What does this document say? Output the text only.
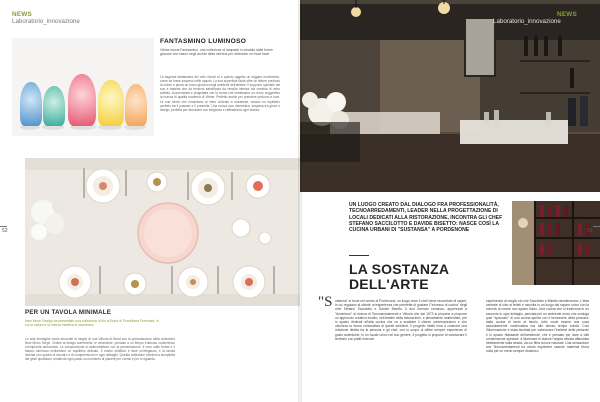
NEWS
Laboratorio_innovazione
FANTASMINO LUMINOSO
Vitrine lancia Fantasmino, una collezione di lampade in cristallo dalle forme giocose che nasce negli archivi della vetreria per diventare un must have
La sagoma fantasmina dei vetri ricordi ai e questo oggetto un leggero movimento, come se fosse sospeso nello spazio. La sua superficie liscia offre un lettore prezioso di colore e punta un tocco giocoso negli ambienti dell'abitare. Il supporto speciale nel suo è materia che dà tensioni satinificata da vendita intensa ma rivestita di vetro soffiato. Accomodata e progettata con la forma che imbalsama un modo suggestivo la ricerca di qualità moderna di Vitrine. Perfetto anche per prendere profumo e luce. Le sue forme che rimandano al vetro colorato a muranese, creano un equilibrio perfetto tra il passato e il presente. Una nuova luce domestica, sospesa tra gioco e design, perfetta per illuminare con eleganza e raffinatezza ogni stanza.
52
PER UN TAVOLA MINIMALE
New Moon Design ha presentato una collezione di Ilio al Bond di Porcellana Ferreriani, in cui la natura e la ricerca estetica si incontrano
Le sole immagine come sbocciati al meglio di una Vittoria di Bond con la presentazione della collezione New Moon Serge. Ordine al design sorrenterio: le ceramiche, pensate a un tempo fruttuoso contenendo un'impronta armoniosa. La composizione si ammorbidisce con la presentazione. Il nero sulle forme e il bianco luminoso richiamano un equilibrio delicato. Il nostro obiettivo è dare un'eleganza, e la tavola diventa uno spazio di incontro e di comprensione in ogni dettaglio. Questa collezione celebra la semplicità dei gesti quotidiani, rendendo ogni pasto un momento di piacere per i sensi e per lo sguardo.
NEWS
Laboratorio_innovazione
UN LUOGO CREATO DAL DIALOGO FRA PROFESSIONALITÀ, TECNOARREDAMENTI, LEADER NELLA PROGETTAZIONE DI LOCALI DEDICATI ALLA RISTORAZIONE, INCONTRA GLI CHEF STEFANO SACCILOTTO E DAVIDE BISETTO: NASCE COSÌ LA CUCINA URBANI DI "SUSTANSA" A PORDENONE
LA SOSTANZA DELL'ARTE
"S ostansa" si trova nel centro di Pordenone, un luogo dove il chef viene raccontato di sapori, in cui regolano al cliente un'esperienza che permette di gustare l'"eccesso di cucina" degli chef Stefano Saccilotto e Davide Bisetto. Il duo formato romanzo, apprezzati a "Avventure" di ricerca di Tecnoarredamenti e Vittoria che dal 1973 si propone a proporre un approccio creativo inedito, nell'ambito della ristorazione, e pienamente ambientato, per lo spazio dedicati all'alta cucina che va a scaldare il cliente contemporaneo e che valorizza la forma minimalista di questi ambienti. Il progetto infatti mira a costruire una relazione diretta tra le persone e gli chef, con lo scopo di offrire sempre esperienze di gusto autentiche. In un locale unico nel suo genere, il progetto si propone di valorizzare il territorio con piatti ricercati.
esprimendo al meglio ciò che Saccilotto e Bisetto desideravano. L'idea centrale di cibo ai fedeli e raccolta in un luogo dal sapore unico con la volontà di creare uno spazio fluido. Una cucina che si trasforma in un racconto in ogni dettaglio, pensata per un ambiente unico che coniuga quel "spaccato" di una cucina aperta con il benessere della persona: dalla cucina di tanto al tavolo, tutto vuole essere una cosa assolutamente continuativa ma allo stesso tempo solida. Così l'illuminazione è stata studiata per valorizzare l'insieme delle pietanze e lo spazio rilassante dell'ambiente, che è pensato per dare a tutti un'attenzione speciale. A illuminare le stanze l'ampia vetrata affacciata direttamente sulla strada, da cui filtra la luce naturale. Una sensazione che Tecnoarredamenti ha voluto esprimere usando materiali d'una volta per un menù sempre dinamico.
53
